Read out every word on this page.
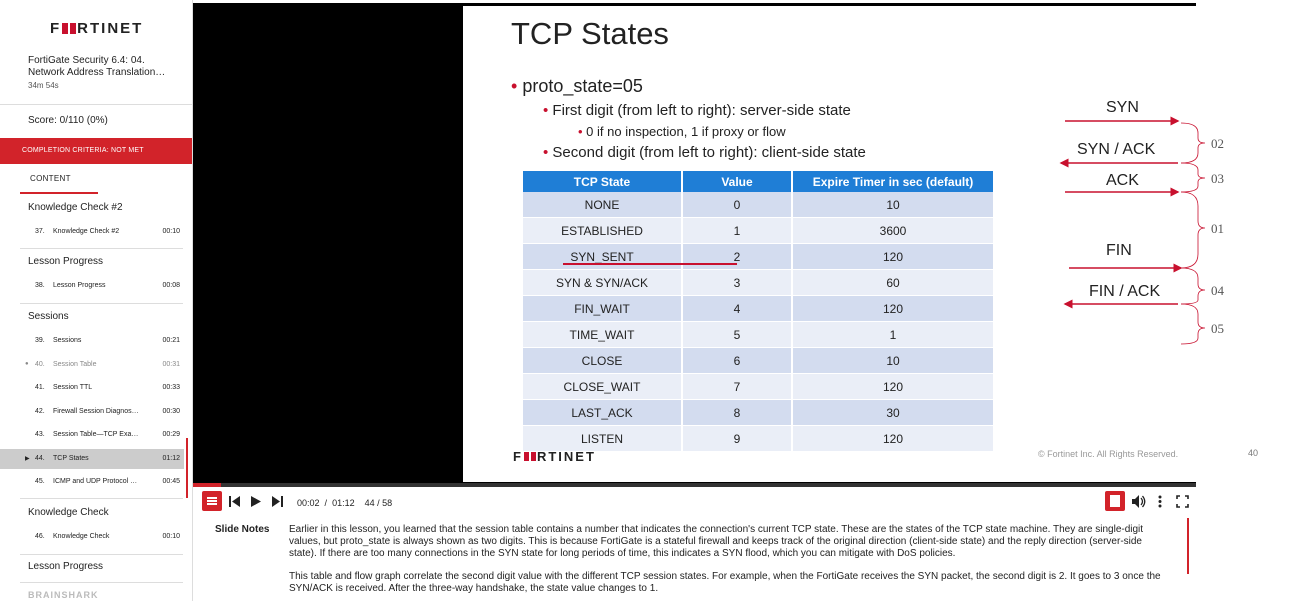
F RTINET
FortiGate Security 6.4: 04. Network Address Translation…
34m 54s
Score: 0/110 (0%)
COMPLETION CRITERIA: NOT MET
CONTENT
Knowledge Check #2
37. Knowledge Check #2	00:10
Lesson Progress
38. Lesson Progress	00:08
Sessions
39. Sessions	00:21
● 40. Session Table	00:31
41. Session TTL	00:33
42. Firewall Session Diagnos…	00:30
43. Session Table—TCP Exa…	00:29
▶ 44. TCP States	01:12
45. ICMP and UDP Protocol …	00:45
Knowledge Check
46. Knowledge Check	00:10
Lesson Progress
BRAINSHARK
TCP States
• proto_state=05
• First digit (from left to right): server-side state
• 0 if no inspection, 1 if proxy or flow
• Second digit (from left to right): client-side state
TCP State	Value	Expire Timer in sec (default)
NONE	0	10
ESTABLISHED	1	3600
SYN_SENT	2	120
SYN & SYN/ACK	3	60
FIN_WAIT	4	120
TIME_WAIT	5	1
CLOSE	6	10
CLOSE_WAIT	7	120
LAST_ACK	8	30
LISTEN	9	120
SYN
SYN / ACK
ACK
FIN
FIN / ACK
02
03
01
04
05
F RTINET	© Fortinet Inc. All Rights Reserved.	40
00:02 / 01:12 44 / 58
Slide Notes Earlier in this lesson, you learned that the session table contains a number that indicates the connection's current TCP state. These are the states of the TCP state machine. They are single-digit values, but proto_state is always shown as two digits. This is because FortiGate is a stateful firewall and keeps track of the original direction (client-side state) and the reply direction (server-side state). If there are too many connections in the SYN state for long periods of time, this indicates a SYN flood, which you can mitigate with DoS policies.

This table and flow graph correlate the second digit value with the different TCP session states. For example, when the FortiGate receives the SYN packet, the second digit is 2. It goes to 3 once the SYN/ACK is received. After the three-way handshake, the state value changes to 1.
